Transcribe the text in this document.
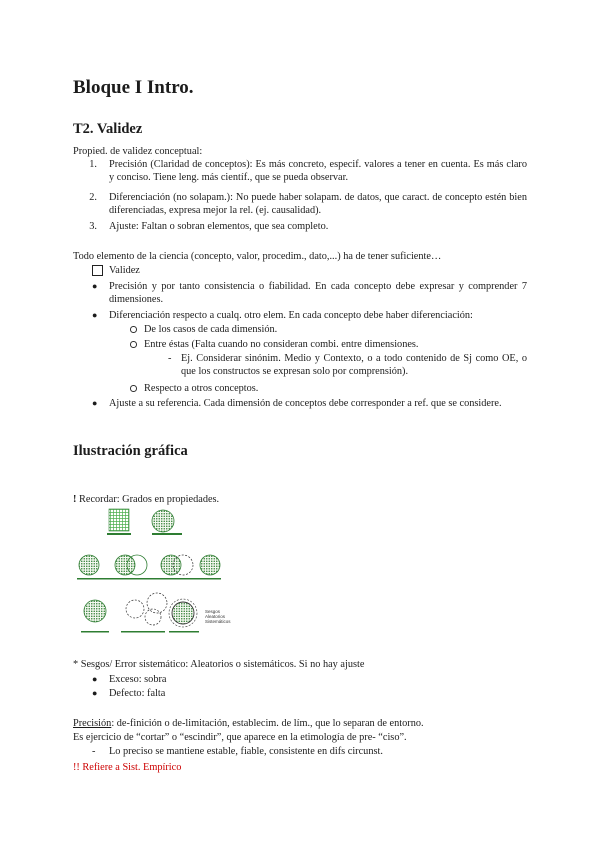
Bloque I Intro.
T2. Validez
Propied. de validez conceptual:
1. Precisión (Claridad de conceptos): Es más concreto, especif. valores a tener en cuenta. Es más claro y conciso. Tiene leng. más científ., que se pueda observar.
2. Diferenciación (no solapam.): No puede haber solapam. de datos, que caract. de concepto estén bien diferenciadas, expresa mejor la rel. (ej. causalidad).
3. Ajuste: Faltan o sobran elementos, que sea completo.
Todo elemento de la ciencia (concepto, valor, procedim., dato,...) ha de tener suficiente…
Validez
● Precisión y por tanto consistencia o fiabilidad. En cada concepto debe expresar y comprender 7 dimensiones.
● Diferenciación respecto a cualq. otro elem. En cada concepto debe haber diferenciación:
De los casos de cada dimensión.
Entre éstas (Falta cuando no consideran combi. entre dimensiones.
- Ej. Considerar sinónim. Medio y Contexto, o a todo contenido de Sj como OE, o que los constructos se expresan solo por comprensión).
Respecto a otros conceptos.
● Ajuste a su referencia. Cada dimensión de conceptos debe corresponder a ref. que se considere.
Ilustración gráfica
! Recordar: Grados en propiedades.
Sesgos Aleatorios Sistemáticos
* Sesgos/ Error sistemático: Aleatorios o sistemáticos. Si no hay ajuste
● Exceso: sobra
● Defecto: falta
Precisión: de-finición o de-limitación, establecim. de lím., que lo separan de entorno.
Es ejercicio de “cortar” o “escindir”, que aparece en la etimología de pre- “ciso”.
- Lo preciso se mantiene estable, fiable, consistente en difs circunst.
!! Refiere a Sist. Empírico
